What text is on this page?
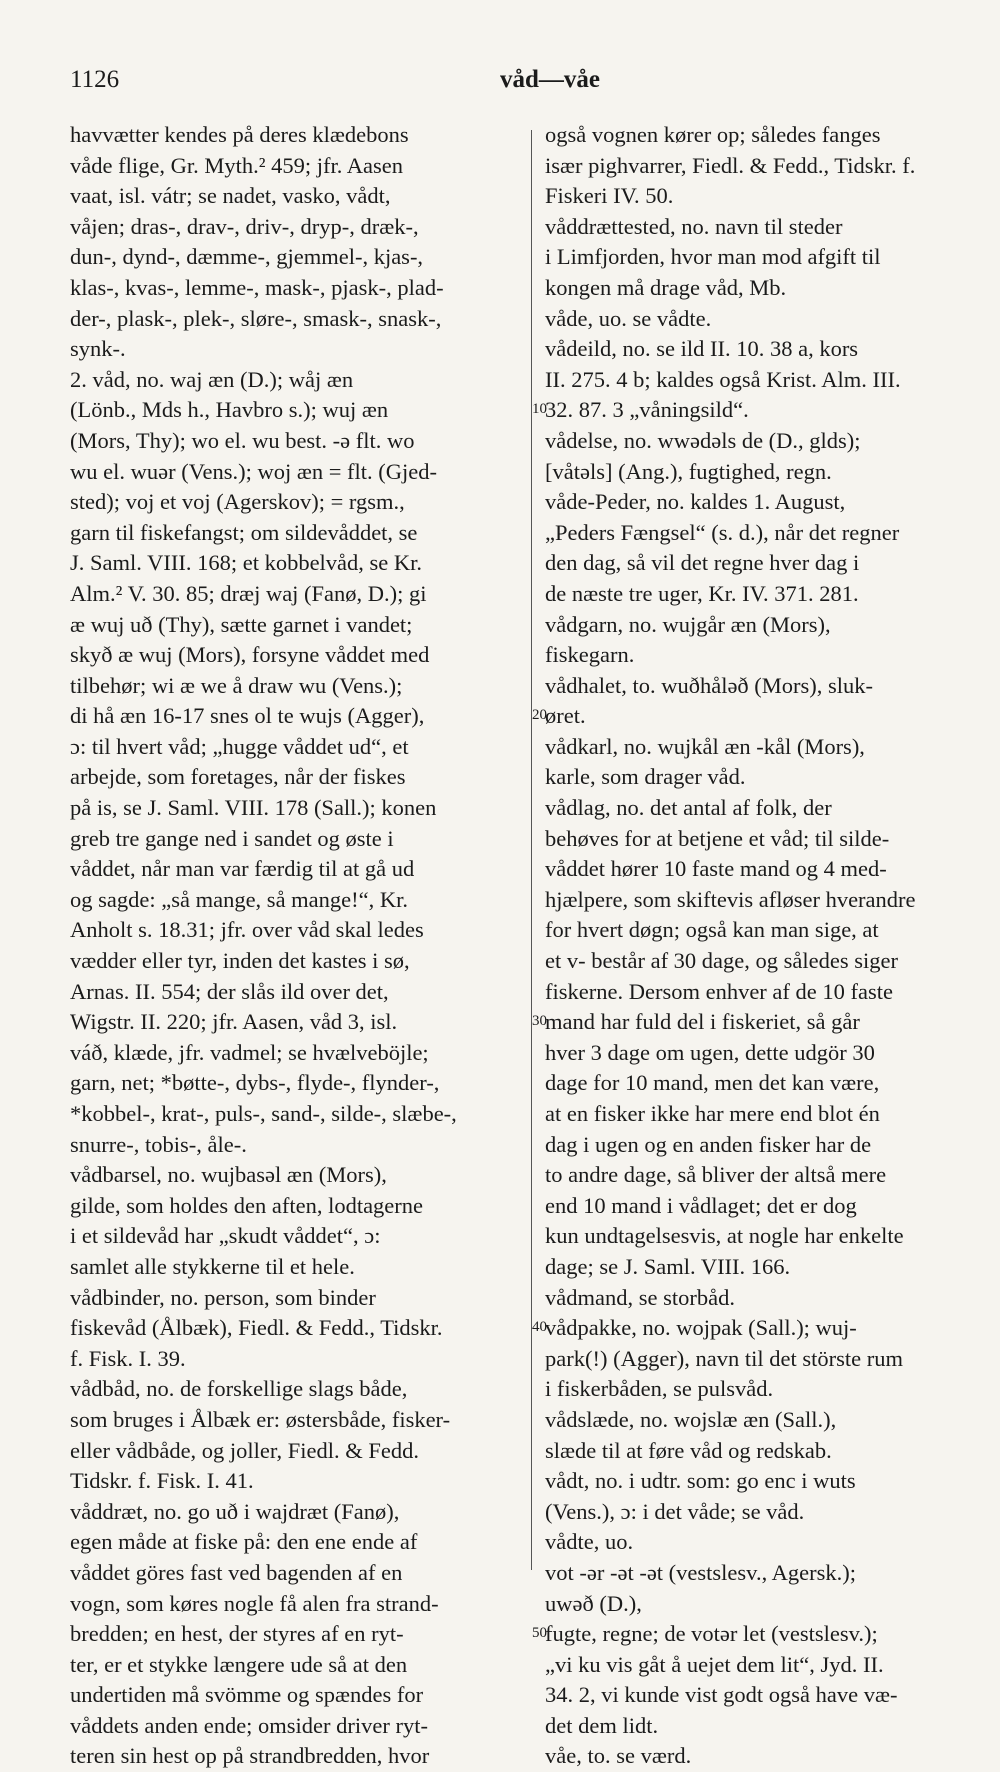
1126	våd—våe
havvætter kendes på deres klædebons
våde flige, Gr. Myth.² 459; jfr. Aasen
vaat, isl. vátr; se nadet, vasko, vådt,
våjen; dras-, drav-, driv-, dryp-, dræk-,
dun-, dynd-, dæmme-, gjemmel-, kjas-,
klas-, kvas-, lemme-, mask-, pjask-, plad-
der-, plask-, plek-, sløre-, smask-, snask-,
synk-.
2. våd, no. waj æn (D.); wåj æn
(Lönb., Mds h., Havbro s.); wuj æn
(Mors, Thy); wo el. wu best. -ə flt. wo
wu el. wuər (Vens.); woj æn = flt. (Gjed-
sted); voj et voj (Agerskov); = rgsm.,
garn til fiskefangst; om sildevåddet, se
J. Saml. VIII. 168; et kobbelvåd, se Kr.
Alm.² V. 30. 85; dræj waj (Fanø, D.); gi
æ wuj uð (Thy), sætte garnet i vandet;
skyð æ wuj (Mors), forsyne våddet med
tilbehør; wi æ we å draw wu (Vens.);
di hå æn 16-17 snes ol te wujs (Agger),
ɔ: til hvert våd; „hugge våddet ud“, et
arbejde, som foretages, når der fiskes
på is, se J. Saml. VIII. 178 (Sall.); konen
greb tre gange ned i sandet og øste i
våddet, når man var færdig til at gå ud
og sagde: „så mange, så mange!“, Kr.
Anholt s. 18.31; jfr. over våd skal ledes
vædder eller tyr, inden det kastes i sø,
Arnas. II. 554; der slås ild over det,
Wigstr. II. 220; jfr. Aasen, våd 3, isl.
váð, klæde, jfr. vadmel; se hvælveböjle;
garn, net; *bøtte-, dybs-, flyde-, flynder-,
*kobbel-, krat-, puls-, sand-, silde-, slæbe-,
snurre-, tobis-, åle-.
vådbarsel, no. wujbasəl æn (Mors),
gilde, som holdes den aften, lodtagerne
i et sildevåd har „skudt våddet“, ɔ:
samlet alle stykkerne til et hele.
vådbinder, no. person, som binder
fiskevåd (Ålbæk), Fiedl. & Fedd., Tidskr.
f. Fisk. I. 39.
vådbåd, no. de forskellige slags både,
som bruges i Ålbæk er: østersbåde, fisker-
eller vådbåde, og joller, Fiedl. & Fedd.
Tidskr. f. Fisk. I. 41.
våddræt, no. go uð i wajdræt (Fanø),
egen måde at fiske på: den ene ende af
våddet göres fast ved bagenden af en
vogn, som køres nogle få alen fra strand-
bredden; en hest, der styres af en ryt-
ter, er et stykke længere ude så at den
undertiden må svömme og spændes for
våddets anden ende; omsider driver ryt-
teren sin hest op på strandbredden, hvor
10
20
30
40
50
også vognen kører op; således fanges
især pighvarrer, Fiedl. & Fedd., Tidskr. f.
Fiskeri IV. 50.
våddrættested, no. navn til steder
i Limfjorden, hvor man mod afgift til
kongen må drage våd, Mb.
våde, uo. se vådte.
vådeild, no. se ild II. 10. 38 a, kors
II. 275. 4 b; kaldes også Krist. Alm. III.
32. 87. 3 „våningsild“.
vådelse, no. wwədəls de (D., glds);
[våtəls] (Ang.), fugtighed, regn.
våde-Peder, no. kaldes 1. August,
„Peders Fængsel“ (s. d.), når det regner
den dag, så vil det regne hver dag i
de næste tre uger, Kr. IV. 371. 281.
vådgarn, no. wujgår æn (Mors),
fiskegarn.
vådhalet, to. wuðhåləð (Mors), sluk-
øret.
vådkarl, no. wujkål æn -kål (Mors),
karle, som drager våd.
vådlag, no. det antal af folk, der
behøves for at betjene et våd; til silde-
våddet hører 10 faste mand og 4 med-
hjælpere, som skiftevis afløser hverandre
for hvert døgn; også kan man sige, at
et v- består af 30 dage, og således siger
fiskerne. Dersom enhver af de 10 faste
mand har fuld del i fiskeriet, så går
hver 3 dage om ugen, dette udgör 30
dage for 10 mand, men det kan være,
at en fisker ikke har mere end blot én
dag i ugen og en anden fisker har de
to andre dage, så bliver der altså mere
end 10 mand i vådlaget; det er dog
kun undtagelsesvis, at nogle har enkelte
dage; se J. Saml. VIII. 166.
vådmand, se storbåd.
vådpakke, no. wojpak (Sall.); wuj-
park(!) (Agger), navn til det störste rum
i fiskerbåden, se pulsvåd.
vådslæde, no. wojslæ æn (Sall.),
slæde til at føre våd og redskab.
vådt, no. i udtr. som: go enc i wuts
(Vens.), ɔ: i det våde; se våd.
vådte, uo.
vot -ər -ət -ət (vestslesv., Agersk.);
uwəð (D.),
fugte, regne; de votər let (vestslesv.);
„vi ku vis gåt å uejet dem lit“, Jyd. II.
34. 2, vi kunde vist godt også have væ-
det dem lidt.
våe, to. se værd.
